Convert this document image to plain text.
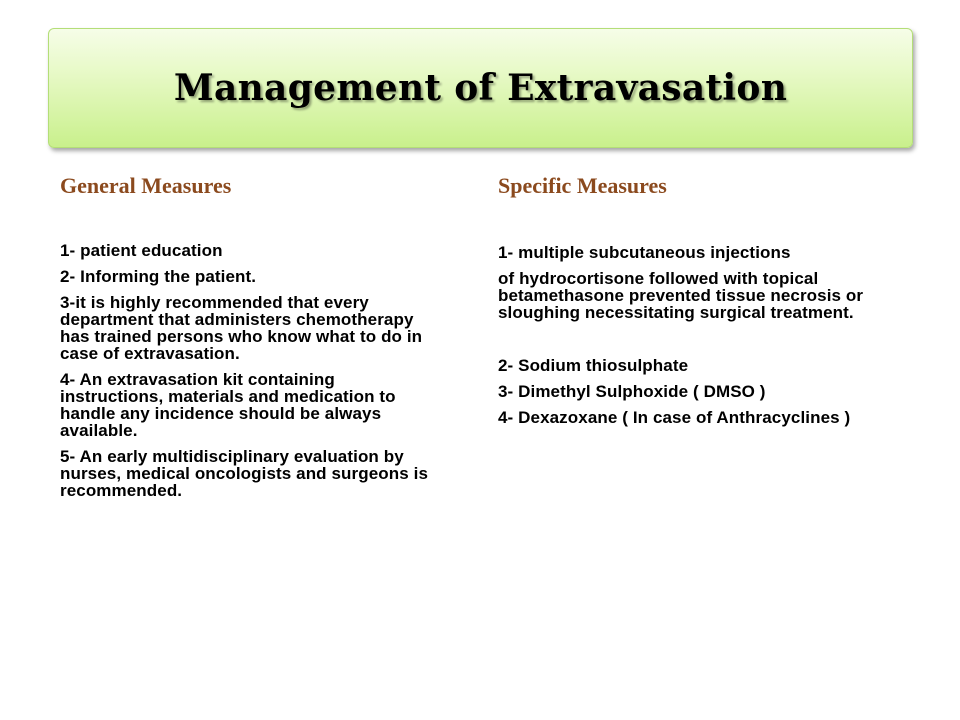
Management of Extravasation
General Measures
1- patient education
2- Informing the patient.
3-it is highly recommended that every department that administers chemotherapy has trained persons who know what to do in case of extravasation.
4- An extravasation kit containing instructions, materials and medication to handle any incidence should be always available.
5- An early multidisciplinary evaluation by nurses, medical oncologists and surgeons is recommended.
Specific Measures
1- multiple subcutaneous injections
of hydrocortisone followed with topical betamethasone prevented tissue necrosis or sloughing necessitating surgical treatment.
2- Sodium thiosulphate
3- Dimethyl Sulphoxide ( DMSO )
4- Dexazoxane ( In case of Anthracyclines )
